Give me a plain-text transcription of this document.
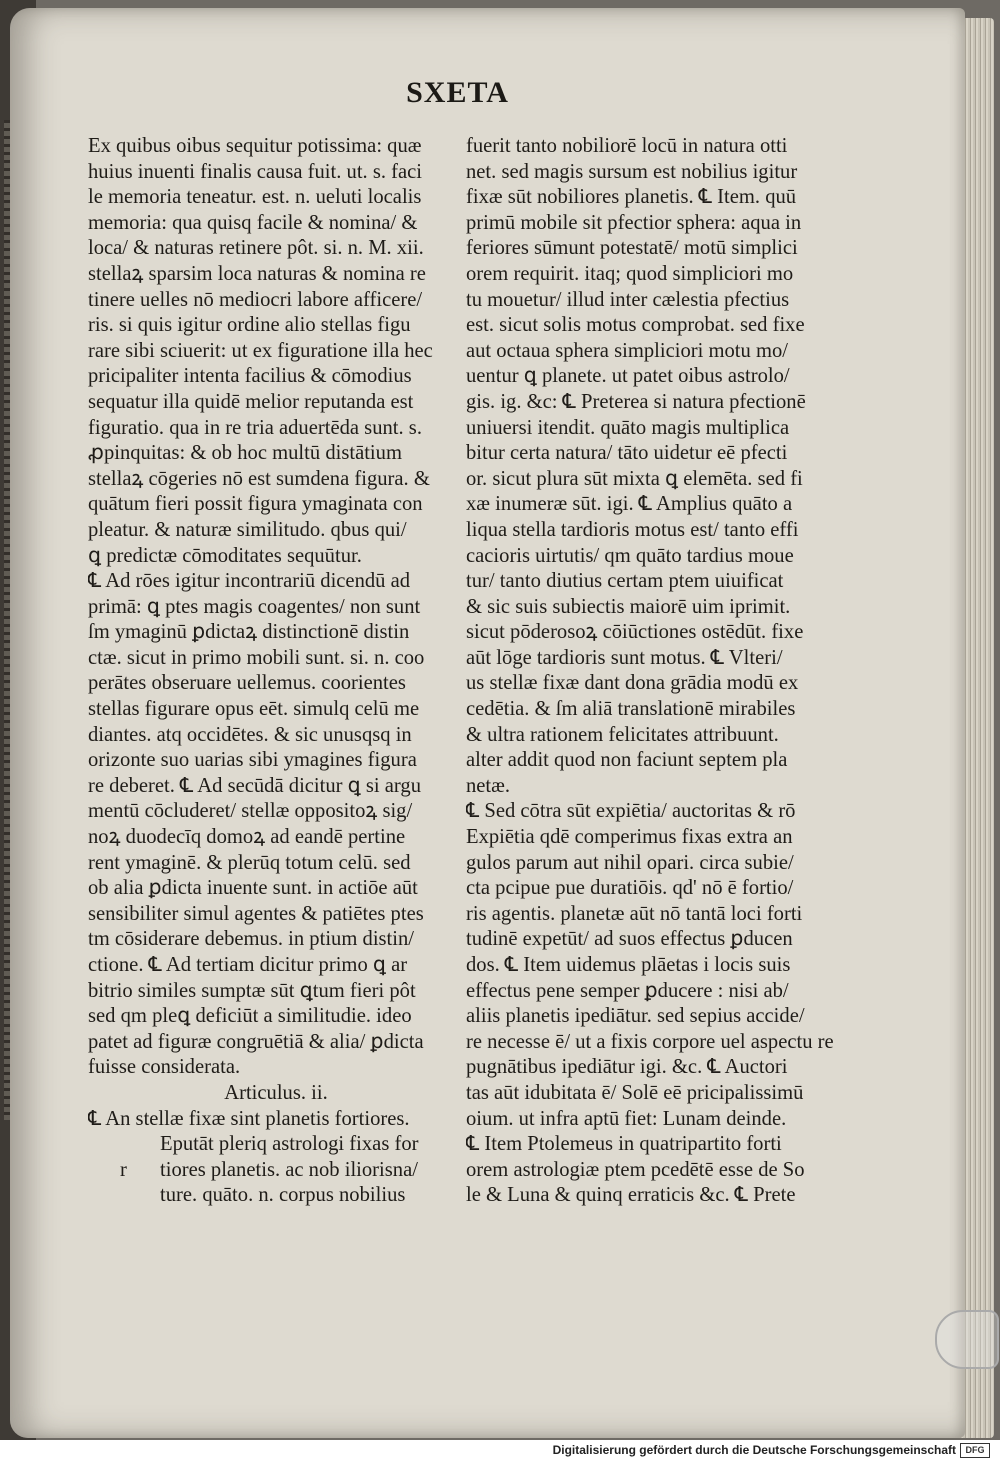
SXETA
Ex quibus oibus sequitur potissima: quæ
huius inuenti finalis causa fuit. ut. s. faci
le memoria teneatur. est. n. ueluti localis
memoria: qua quisq facile & nomina/ &
loca/ & naturas retinere pôt. si. n. M. xii.
stellaꝝ sparsim loca naturas & nomina re
tinere uelles nō mediocri labore afficere/
ris. si quis igitur ordine alio stellas figu
rare sibi sciuerit: ut ex figuratione illa hec
pricipaliter intenta facilius & cōmodius
sequatur illa quidē melior reputanda est
figuratio. qua in re tria aduertēda sunt. s.
ꝓpinquitas: & ob hoc multū distātium
stellaꝝ cōgeries nō est sumdena figura. &
quātum fieri possit figura ymaginata con
pleatur. & naturæ similitudo. qbus qui/
ꝗ predictæ cōmoditates sequūtur.
℄ Ad rōes igitur incontrariū dicendū ad
primā: ꝗ ptes magis coagentes/ non sunt
ſm ymaginū ꝑdictaꝝ distinctionē distin
ctæ. sicut in primo mobili sunt. si. n. coo
perātes obseruare uellemus. coorientes
stellas figurare opus eēt. simulq celū me
diantes. atq occidētes. & sic unusqsq in
orizonte suo uarias sibi ymagines figura
re deberet. ℄ Ad secūdā dicitur ꝗ si argu
mentū cōcluderet/ stellæ oppositoꝝ sig/
noꝝ duodecīq domoꝝ ad eandē pertine
rent ymaginē. & plerūq totum celū. sed
ob alia ꝑdicta inuente sunt. in actiōe aūt
sensibiliter simul agentes & patiētes ptes
tm cōsiderare debemus. in ptium distin/
ctione. ℄ Ad tertiam dicitur primo ꝗ ar
bitrio similes sumptæ sūt ꝗtum fieri pôt
sed qm pleꝗ deficiūt a similitudie. ideo
patet ad figuræ congruētiā & alia/ ꝑdicta
fuisse considerata.
Articulus. ii.
℄ An stellæ fixæ sint planetis fortiores.
Eputāt pleriq astrologi fixas for
r tiores planetis. ac nob iliorisna/
ture. quāto. n. corpus nobilius
fuerit tanto nobiliorē locū in natura otti
net. sed magis sursum est nobilius igitur
fixæ sūt nobiliores planetis. ℄ Item. quū
primū mobile sit pfectior sphera: aqua in
feriores sūmunt potestatē/ motū simplici
orem requirit. itaq; quod simpliciori mo
tu mouetur/ illud inter cælestia pfectius
est. sicut solis motus comprobat. sed fixe
aut octaua sphera simpliciori motu mo/
uentur ꝗ planete. ut patet oibus astrolo/
gis. ig. &c: ℄ Preterea si natura pfectionē
uniuersi itendit. quāto magis multiplica
bitur certa natura/ tāto uidetur eē pfecti
or. sicut plura sūt mixta ꝗ elemēta. sed fi
xæ inumeræ sūt. igi. ℄ Amplius quāto a
liqua stella tardioris motus est/ tanto effi
cacioris uirtutis/ qm quāto tardius moue
tur/ tanto diutius certam ptem uiuificat
& sic suis subiectis maiorē uim iprimit.
sicut pōderosoꝝ cōiūctiones ostēdūt. fixe
aūt lōge tardioris sunt motus. ℄ Vlteri/
us stellæ fixæ dant dona grādia modū ex
cedētia. & ſm aliā translationē mirabiles
& ultra rationem felicitates attribuunt.
alter addit quod non faciunt septem pla
netæ.
℄ Sed cōtra sūt expiētia/ auctoritas & rō
Expiētia qdē comperimus fixas extra an
gulos parum aut nihil opari. circa subie/
cta pcipue pue duratiōis. qd' nō ē fortio/
ris agentis. planetæ aūt nō tantā loci forti
tudinē expetūt/ ad suos effectus ꝑducen
dos. ℄ Item uidemus plāetas i locis suis
effectus pene semper ꝑducere : nisi ab/
aliis planetis ipediātur. sed sepius accide/
re necesse ē/ ut a fixis corpore uel aspectu re
pugnātibus ipediātur igi. &c. ℄ Auctori
tas aūt idubitata ē/ Solē eē pricipalissimū
oium. ut infra aptū fiet: Lunam deinde.
℄ Item Ptolemeus in quatripartito forti
orem astrologiæ ptem pcedētē esse de So
le & Luna & quinq erraticis &c. ℄ Prete
Digitalisierung gefördert durch die Deutsche Forschungsgemeinschaft	DFG
